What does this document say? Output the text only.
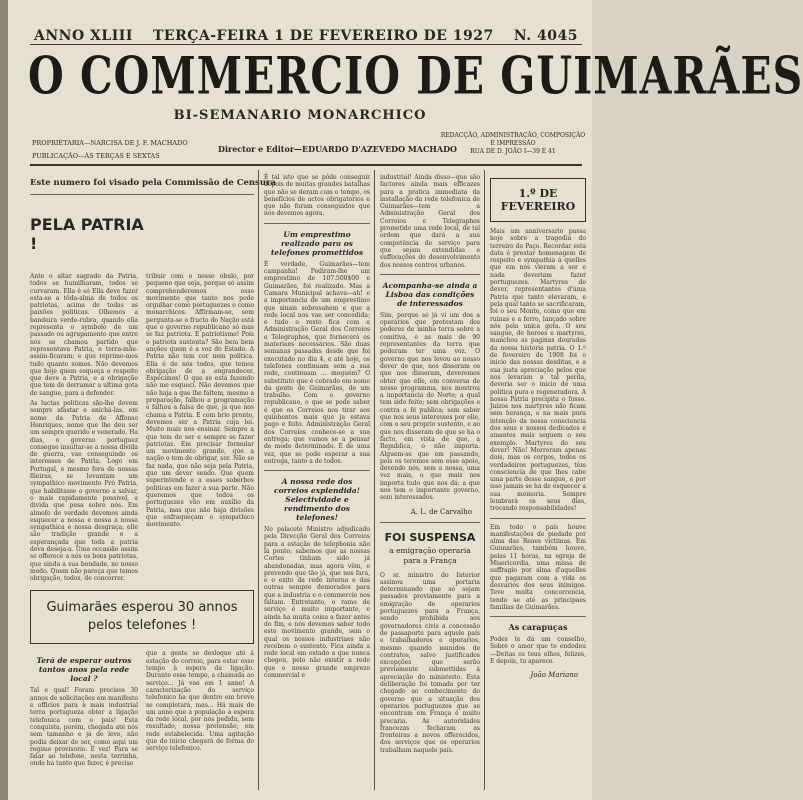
ANNO XLIII TERÇA-FEIRA 1 DE FEVEREIRO DE 1927 N. 4045
O COMMERCIO DE GUIMARÃES
BI-SEMANARIO MONARCHICO
PROPRIETARIA—NARCISA DE J. F. MACHADO
PUBLICAÇÃO—ÀS TERÇAS E SEXTAS
Director e Editor—EDUARDO D'AZEVEDO MACHADO
REDACÇÃO, ADMINISTRAÇÃO, COMPOSIÇÃO
E IMPRESSÃO
RUA DE D. JOÃO I—39 E 41
Este numero foi visado pela Commissão de Censura
PELA PATRIA !

Ante o altar sagrado da Patria, todos se humilharam, todos se curvaram. Ella é só Ella deve fazer esta-se a tôda-alma de todos os patriotas, acima de todas as paixões politicas. Olhemos a bandeira verde-rubra, quando ella representa o symbolo de um passado ou agrupamento que entre nós se chamou partido que representava Patria, e terra-mãe-assim-ficaram; e que reprimo-mos tudo quanto somos. Não devemos que hoje quem esqueça o respeito que deve a Patria, e a obrigação que tem de derramar a ultima gota de sangue, para a defender.

As luctas politicas são-lhe devem sempre afastar e anichá-las, em nome da Patria de Affonso Henriques, nome que lhe deu ser um sempre querido e venerado. Ha dias, o governo portuguez consegue insultar-se a nossa divida de guerra, vae conseguindo os interesses de Patria. Logo em Portugal, e mesmo fora de nossas fileiras, se levantam um sympathico movimento Pró Patria, que habilitasse o governo a salvar, o mais rapidamente possivel, a divida que pesa sobre nós. Em almofo de verdade devemos ainda esquecer a nossa e nossa a nossa sympathica e nossa desgraça; elle são tradição grande e a esperançada que toda a patria deva deseja-a. Uma occasião assim se offerece a nós os bons patriotas, que ainda a sua bondade, no nosso modo. Quem não pareça que temos obrigação, todos, de concorrer.

tribuir com o nosso obulo, por pequeno que seja, porque só assim comprehenderemos esse movimento que tanto nos pode orgulhar como portuguezes e como monarchicos. Affirmam-se, sem pergunta-se o fructo do Nação está que o governo republicano só mas se faz patriota. E patriotismo! Pois o patriota sustenta? São bem bem anções quem é a voz do Estado. A Patria não tem cor nem politica. Ella é de nós todos, que temos obrigação de a engrandecer. Espécimos! O que se está fazendo não me esqueci. Não devemos que não haja a que lhe faltem, mesmo a preparação, falhou a programação e falhou a falsa de que, ja que nos chama a Patria. E com brio pronto, devemos ser a Patria cuja lei. Muito mais nos ensinar. Sempre a que tem de ser e sempre se fazer patriotas. Em precisar formular um movimento grande, que a nação o tem de obrigar, ser. Não se faz nada, que não seja pela Patria, que um dever sendo. Que quem superintende e a esses soberbos politicas em fazer a sua parte. Não queremos que todos os portuguezes vão em auxílio da Patria, mas que não haja divisões que enfraqueçam o sympathico movimento.

Guimarães esperou 30 annos pelos telefones !
Terá de esperar outros tantos anos pela rede local ?

Tal e qual! Foram precisos 30 annos de solicitações em manifesto e officios para a mais industrial terra portugueza obter a ligação telefonica com o pais! Esta conquista, porém, chegada até nós sem tamanho e já de leve, não podia deixar de ser, como aqui um regime provisorio. É vez! Para se falar ao telefone, nesta terrinha, onde ha tanto que fazer, é preciso

que a gente se desloque até á estação do correio, para estar esse tempo à espera da ligação. Durante esse tempo, a chamada ao serviço... Já vae em 1 anno! A caracterização do serviço telefonico ha que dentro em breve se completará, mas... Há mais de um anno que a população á espera da rede local, por nós pedida, sem resultado, nossa pretensão, em rede estabelecida. Uma agitação que do inicio chegará de forma do serviço telefonico.

É tal isto que se pôde conseguir depois de muitas grandes batalhas que não se deram com o tempo, os benefícios de actos obrigatorios e que não foram conseguidos que nós devemos agora.

Um emprestimo realizado para os telefones promettidos

É verdade, Guimarães—tem campanha! Pediram-lhe um emprestimo de 107.500$00 e Guimarães, foi realizado. Mas a Camara Municipal achava—ah! e a importancia de um emprestimo que sinais sobresahem e que a rede local nos vae ser concedida; e tudo o resto fica com a Administração Geral dos Correios e Telegraphos, que fornecerá os materiaes necessários. São duas semanas passadas desde que foi executado no dia 4, e até hoje, os telefones continuam sem a sua rede, continuam ... moguém? O substituto que é cobrado em nome da gente de Guimarães, de um trabalho. Com o governo republicano, o que se pode saber é que os Correios nos tirar aos quinhentos mais que ja estava pago e feito. Administração Geral dos Correios conhece-se a sua entrega; que vamos se a pensar de modo determinado. É de uma vez, que se pode esperar a sua entrega, tanto a de todos.

A nossa rede dos correios explendida! Selectividade e rendimento dos telefones!

No palacete Ministro adjudicado pela Direcção Geral dos Correios para a estação de telephonia não lá ponto; sabemos que as nossas Cortes tinham sido já abandonadas, mas agora vêm, e prevendo que tão já, que nos fará, e o exito da rede interna e das outras sempre demorados para que a industria e o commercio nos faltam. Entretanto, o ramo de serviço é muito importante, e ainda ha muita coisa a fazer antes do fim, e nós devemos saber todo este movimento grande, sem o qual os nossos industriaes não recebem o sustento. Fica ainda a rede local em estado a que nunca chegou, pelo não existir a rede que o nosso grande emprezo commercial e

industrial! Ainda disso—que são factores ainda mais efficazes para a pratica immediata da installação da rede telefonica de Guimarães—tem a Administração Geral dos Correios e Telegraphos prometido uma rede local, de tal ordem que dará a sua competência de serviço para que sejam extendidas e suffocações do desenvolvimento dos nossos centros urbanos.

Acompanha-se ainda a Lisboa das condições de interessados

Sim, porque só já vi um dos a operários que protestam dos poderes de minha terra sobre a comitiva, e as mais de 90 representantes da terra que poderam ter uma voz. O governo que nos levou ao nosso dever de que, nos disseram os que nos disseram, deveremos obter que elle, em conversa de nosso programma, nos mostrou a importancia do Norte; a qual tem sido feito; sem obrigações e contra a fé publica; sem saber que nos seus interesses por elle, com o seu proprio sustento, e ao que nos disseram de que se ha o facto, em vista de que, a Republica, o não importa. Alguem-se que em passando, pois os teremos sem esse apoio, devendo nós, sem a nossa, uma vez mais, o que mais nos importa tudo que nos dá; a que nos tem o importante governo, sem interessados.

A. L. de Carvalho
FOI SUSPENSA
a emigração operaria
para a França

O sr. ministro do Interior assinou uma portaria determinando que só sejam passados previamente para a emigração de operarios portuguezes para a França, sendo prohibida aos governadores civis a concessão de passaporte para aquele país e trabalhadores e operarios, mesmo quando munidos de contratos, salvo justificados excepções que serão previamente submettidas á apreciação do ministerio. Esta deliberação foi tomada por ter chegado ao conhecimento do governo que a situação dos operarios portuguezes que se encontram em França é muito precaria. As autoridades francezas fecharam as fronteiras a novos offerecidos, dos serviços que os operarios trabalham naquele país.

1.º DE FEVEREIRO

Mais um anniversario passa hoje sobre a tragedia do terreiro do Paço. Recordar esta data é prestar homenagem de respeito e sympathia á quelles que em nós vieram a ser e nada deveriam fazer portuguezes. Martyres do dever, representantes d'uma Patria que tanto elevaram, e pela qual tanto se sacrificaram, foi o seu Monte, como que em ruinas e a ferro, lançado sobre nós pela unica gota. O seu sangue, de heroes e martyres, manchou as paginas douradas da nossa historia patria. O 1.º de fevereiro de 1908 foi o inicio das nossas desditas, e a sua justa apreciação pelos que nos levaram a tal perda, deveria ser o inicio de uma politica pura e regeneradora. A nossa Patria precipita o fosso. Juizos nos martyres não ficam sem herança, e na mais pura intenção da nossa consciencia dos seus e nossos dedicados e amantes mais seguem o seu exemplo. Martyres do seu dever! Não! Morreram apenas dois, mas os corpos, todos os verdadeiros portuguezes, têm consciencia de que lhes cabe uma parte desse sangue, e por isso jamais se ha de esquecer a sua memoria. Sempre lembrará os seus dias, trocando responsabilidades!

Em todo o pais houve manifestações de piedade por alma das Reaes victimas. Em Guimarães, também houve, pelas 11 horas, na egreja de Misericordia, uma missa de suffragio por alma d'aquelles que pagaram com a vida os desvarios dos seus inimigos. Teve muita concorrencia, tendo se até as principaes familias de Guimarães.

As carapuças

Podes te dá um conselho, Sobre o amor que te endodeu—Deitas os teus olhos, felizes, E depois, tu aparece.

João Mariano
